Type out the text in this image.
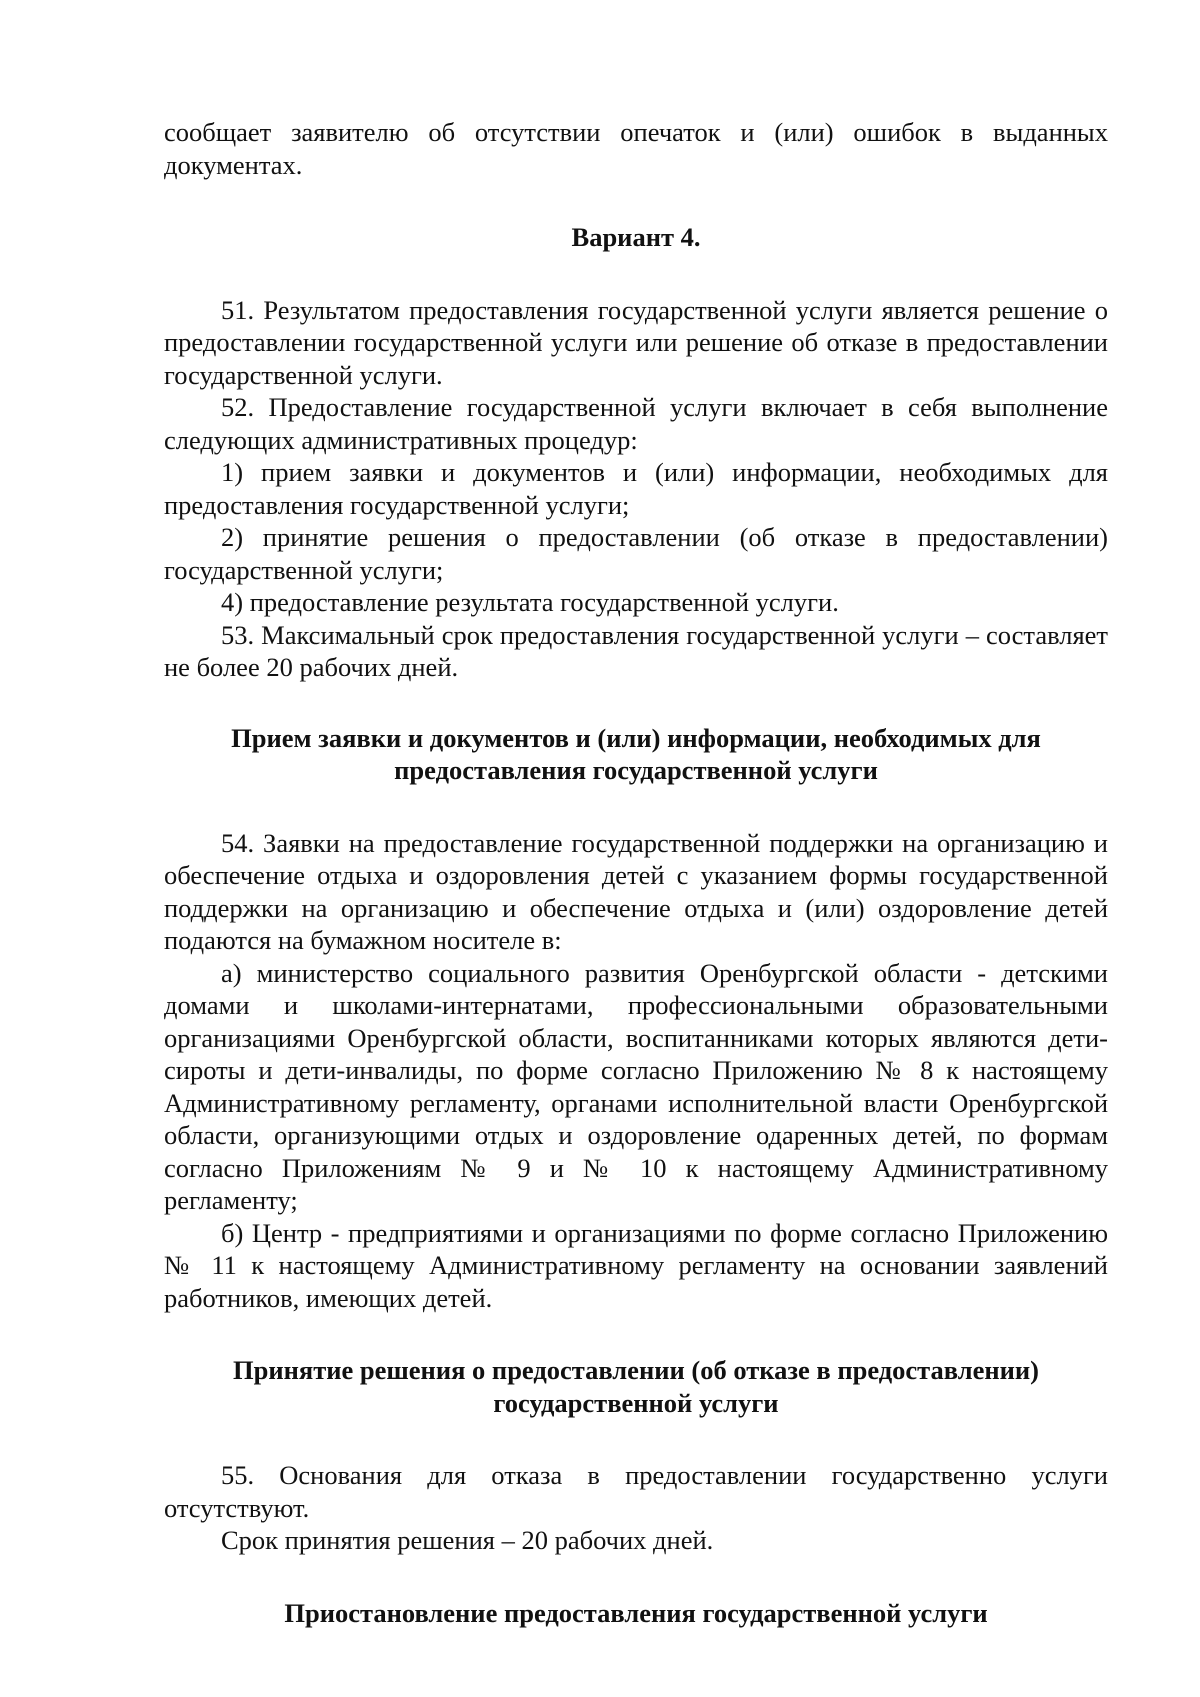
сообщает заявителю об отсутствии опечаток и (или) ошибок в выданных документах.

Вариант 4.

51. Результатом предоставления государственной услуги является решение о предоставлении государственной услуги или решение об отказе в предоставлении государственной услуги.

52. Предоставление государственной услуги включает в себя выполнение следующих административных процедур:

1) прием заявки и документов и (или) информации, необходимых для предоставления государственной услуги;

2) принятие решения о предоставлении (об отказе в предоставлении) государственной услуги;

4) предоставление результата государственной услуги.

53. Максимальный срок предоставления государственной услуги – составляет не более 20 рабочих дней.

Прием заявки и документов и (или) информации, необходимых для предоставления государственной услуги

54. Заявки на предоставление государственной поддержки на организацию и обеспечение отдыха и оздоровления детей с указанием формы государственной поддержки на организацию и обеспечение отдыха и (или) оздоровление детей подаются на бумажном носителе в:

а) министерство социального развития Оренбургской области - детскими домами и школами-интернатами, профессиональными образовательными организациями Оренбургской области, воспитанниками которых являются дети-сироты и дети-инвалиды, по форме согласно Приложению № 8 к настоящему Административному регламенту, органами исполнительной власти Оренбургской области, организующими отдых и оздоровление одаренных детей, по формам согласно Приложениям № 9 и № 10 к настоящему Административному регламенту;

б) Центр - предприятиями и организациями по форме согласно Приложению № 11 к настоящему Административному регламенту на основании заявлений работников, имеющих детей.

Принятие решения о предоставлении (об отказе в предоставлении) государственной услуги

55. Основания для отказа в предоставлении государственно услуги отсутствуют.

Срок принятия решения – 20 рабочих дней.

Приостановление предоставления государственной услуги
